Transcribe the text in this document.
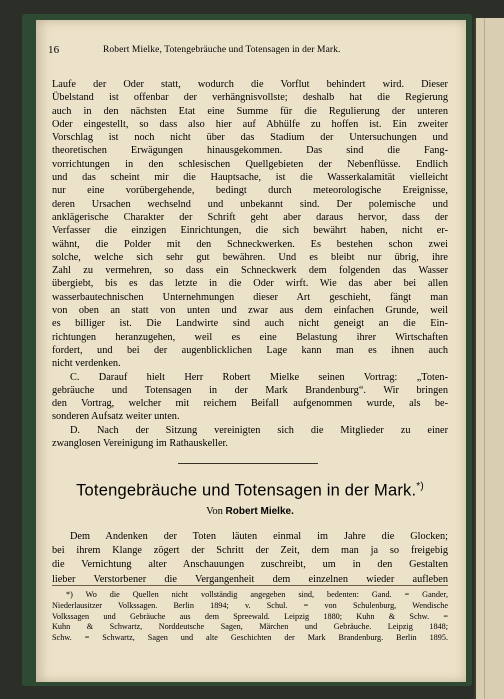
16	Robert Mielke, Totengebräuche und Totensagen in der Mark.
Laufe der Oder statt, wodurch die Vorflut behindert wird. Dieser
Übelstand ist offenbar der verhängnisvollste; deshalb hat die Regierung
auch in den nächsten Etat eine Summe für die Regulierung der unteren
Oder eingestellt, so dass also hier auf Abhülfe zu hoffen ist. Ein zweiter
Vorschlag ist noch nicht über das Stadium der Untersuchungen und
theoretischen Erwägungen hinausgekommen. Das sind die Fang-
vorrichtungen in den schlesischen Quellgebieten der Nebenflüsse. Endlich
und das scheint mir die Hauptsache, ist die Wasserkalamität vielleicht
nur eine vorübergehende, bedingt durch meteorologische Ereignisse,
deren Ursachen wechselnd und unbekannt sind. Der polemische und
anklägerische Charakter der Schrift geht aber daraus hervor, dass der
Verfasser die einzigen Einrichtungen, die sich bewährt haben, nicht er-
wähnt, die Polder mit den Schneckwerken. Es bestehen schon zwei
solche, welche sich sehr gut bewähren. Und es bleibt nur übrig, ihre
Zahl zu vermehren, so dass ein Schneckwerk dem folgenden das Wasser
übergiebt, bis es das letzte in die Oder wirft. Wie das aber bei allen
wasserbautechnischen Unternehmungen dieser Art geschieht, fängt man
von oben an statt von unten und zwar aus dem einfachen Grunde, weil
es billiger ist. Die Landwirte sind auch nicht geneigt an die Ein-
richtungen heranzugehen, weil es eine Belastung ihrer Wirtschaften
fordert, und bei der augenblicklichen Lage kann man es ihnen auch
nicht verdenken.
C. Darauf hielt Herr Robert Mielke seinen Vortrag: „Toten-
gebräuche und Totensagen in der Mark Brandenburg“. Wir bringen
den Vortrag, welcher mit reichem Beifall aufgenommen wurde, als be-
sonderen Aufsatz weiter unten.
D. Nach der Sitzung vereinigten sich die Mitglieder zu einer
zwanglosen Vereinigung im Rathauskeller.
Totengebräuche und Totensagen in der Mark.*)
Von Robert Mielke.
Dem Andenken der Toten läuten einmal im Jahre die Glocken;
bei ihrem Klange zögert der Schritt der Zeit, dem man ja so freigebig
die Vernichtung alter Anschauungen zuschreibt, um in den Gestalten
lieber Verstorbener die Vergangenheit dem einzelnen wieder aufleben
*) Wo die Quellen nicht vollständig angegeben sind, bedenten: Gand. = Gander,
Niederlausitzer Volkssagen. Berlin 1894; v. Schul. = von Schulenburg, Wendische
Volkssagen und Gebräuche aus dem Spreewald. Leipzig 1880; Kuhn & Schw. =
Kuhn & Schwartz, Norddeutsche Sagen, Märchen und Gebräuche. Leipzig 1848;
Schw. = Schwartz, Sagen und alte Geschichten der Mark Brandenburg. Berlin 1895.
